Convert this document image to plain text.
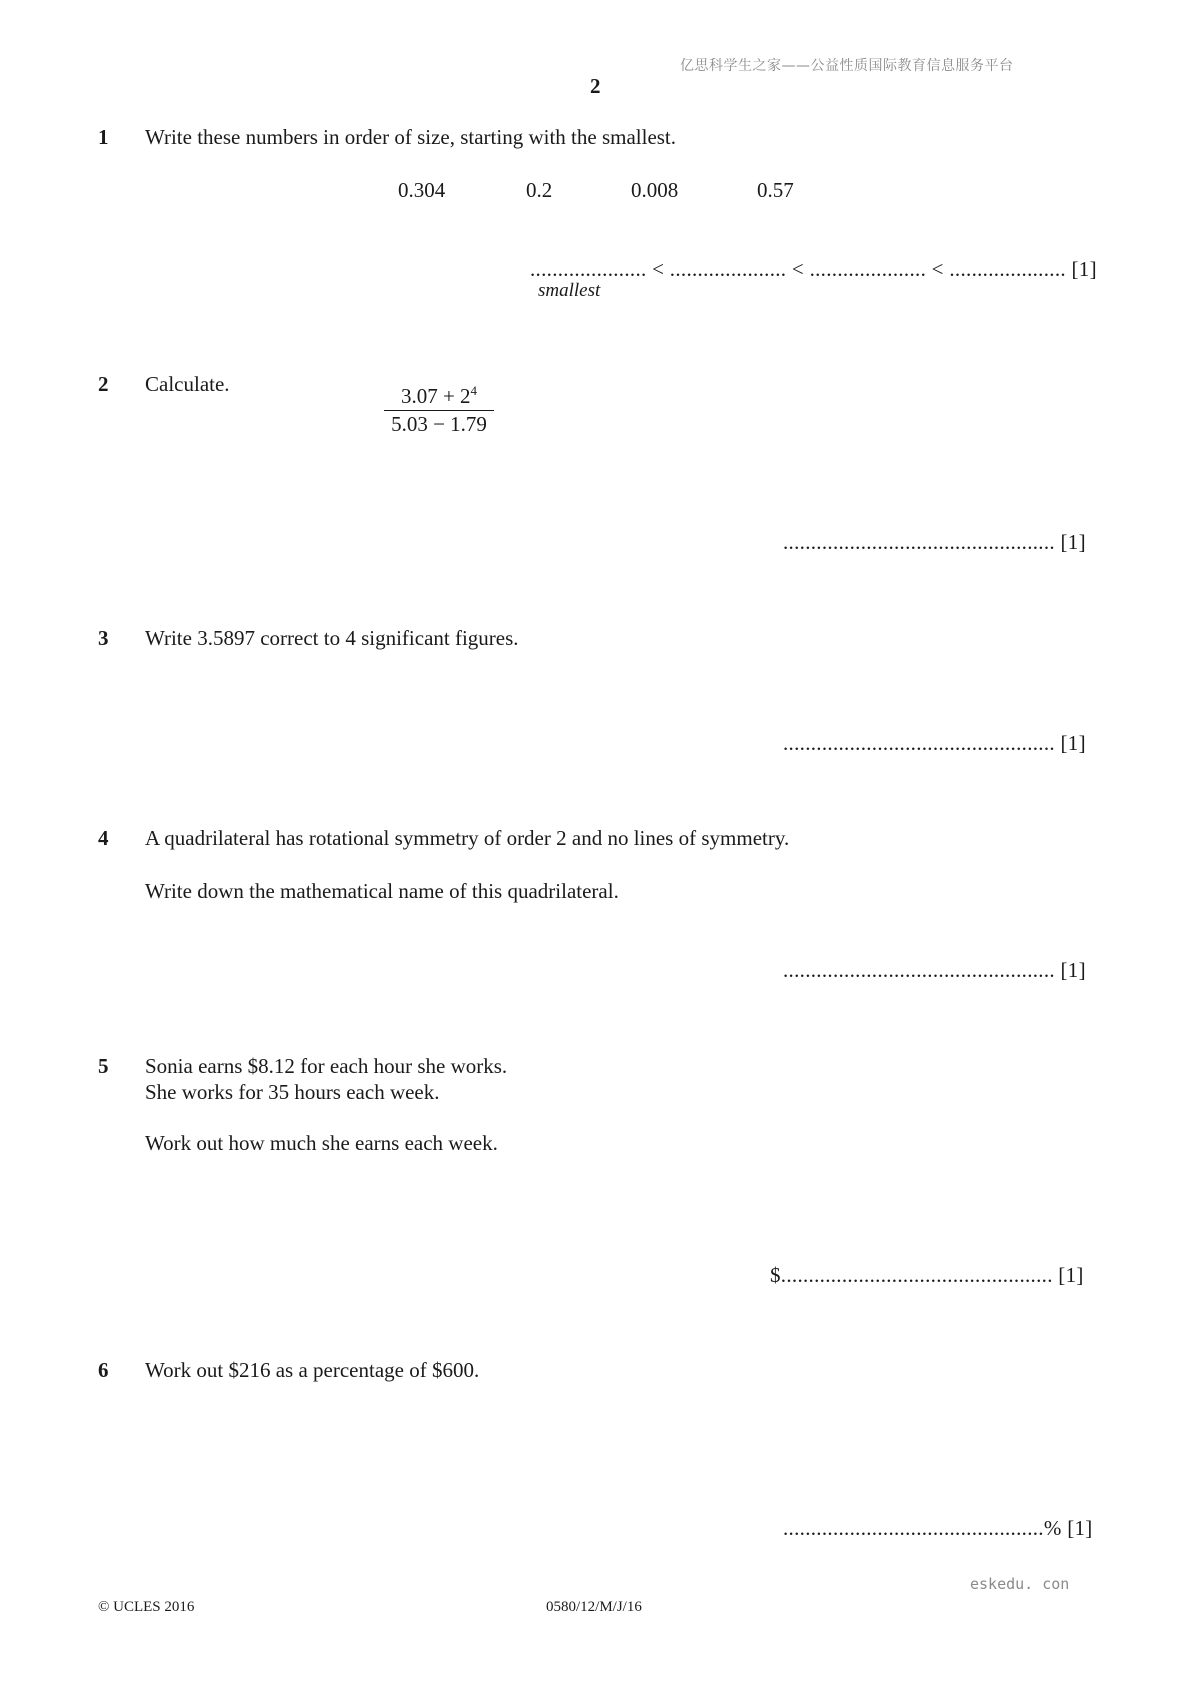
亿思科学生之家——公益性质国际教育信息服务平台
eskedu. con
2
1 Write these numbers in order of size, starting with the smallest.
0.304	0.2	0.008	0.57
..................... < ..................... < ..................... < ..................... [1]
smallest
2 Calculate.	$\frac{3.07 + 2^4}{5.03 - 1.79}$
................................................. [1]
3 Write 3.5897 correct to 4 significant figures.
................................................. [1]
4 A quadrilateral has rotational symmetry of order 2 and no lines of symmetry.
Write down the mathematical name of this quadrilateral.
................................................. [1]
5 Sonia earns $8.12 for each hour she works.
She works for 35 hours each week.
Work out how much she earns each week.
$................................................. [1]
6 Work out $216 as a percentage of $600.
...............................................% [1]
© UCLES 2016	0580/12/M/J/16
